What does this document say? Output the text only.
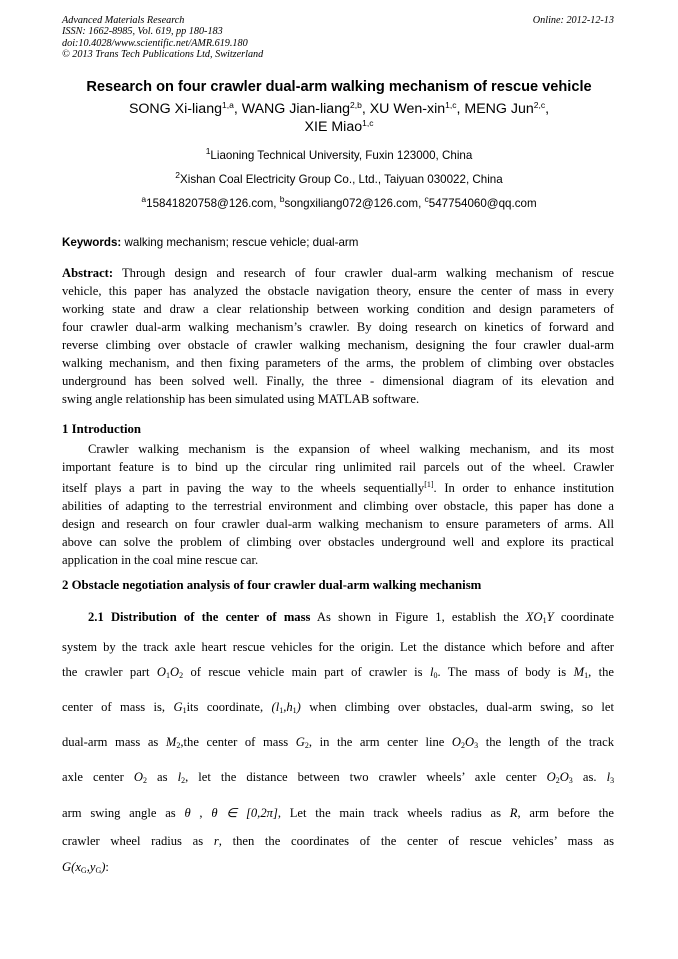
Advanced Materials Research
ISSN: 1662-8985, Vol. 619, pp 180-183
doi:10.4028/www.scientific.net/AMR.619.180
© 2013 Trans Tech Publications Ltd, Switzerland
Online: 2012-12-13
Research on four crawler dual-arm walking mechanism of rescue vehicle
SONG Xi-liang$^{1,a}$, WANG Jian-liang$^{2,b}$, XU Wen-xin$^{1,c}$, MENG Jun$^{2,c}$,
XIE Miao$^{1,c}$
$^1$Liaoning Technical University, Fuxin 123000, China
$^2$Xishan Coal Electricity Group Co., Ltd., Taiyuan 030022, China
$^a$15841820758@126.com, $^b$songxiliang072@126.com, $^c$547754060@qq.com
Keywords: walking mechanism; rescue vehicle; dual-arm
Abstract: Through design and research of four crawler dual-arm walking mechanism of rescue
vehicle, this paper has analyzed the obstacle navigation theory, ensure the center of mass in every
working state and draw a clear relationship between working condition and design parameters of
four crawler dual-arm walking mechanism’s crawler. By doing research on kinetics of forward and
reverse climbing over obstacle of crawler walking mechanism, designing the four crawler dual-arm
walking mechanism, and then fixing parameters of the arms, the problem of climbing over obstacles
underground has been solved well. Finally, the three - dimensional diagram of its elevation and
swing angle relationship has been simulated using MATLAB software.
1 Introduction
Crawler walking mechanism is the expansion of wheel walking mechanism, and its most
important feature is to bind up the circular ring unlimited rail parcels out of the wheel. Crawler
itself plays a part in paving the way to the wheels sequentially[1]. In order to enhance institution
abilities of adapting to the terrestrial environment and climbing over obstacle, this paper has done a
design and research on four crawler dual-arm walking mechanism to ensure parameters of arms. All
above can solve the problem of climbing over obstacles underground well and explore its practical
application in the coal mine rescue car.
2 Obstacle negotiation analysis of four crawler dual-arm walking mechanism
2.1 Distribution of the center of mass As shown in Figure 1, establish the $XO_1Y$ coordinate
system by the track axle heart rescue vehicles for the origin. Let the distance which before and after
the crawler part $O_1O_2$ of rescue vehicle main part of crawler is $l_0$. The mass of body is $M_1$, the
center of mass is, $G_1its$ coordinate, $(l_1,h_1)$ when climbing over obstacles, dual-arm swing, so let
dual-arm mass as $M_2,the$ center of mass $G_2$, in the arm center line $O_2O_3$ the length of the track
axle center $O_2$ as $l_2$, let the distance between two crawler wheels’ axle center $O_2O_3$ as. $l_3$
arm swing angle as θ , θ ∈ [0,2π], Let the main track wheels radius as R, arm before the
crawler wheel radius as r, then the coordinates of the center of rescue vehicles’ mass as
$G(x_G,y_G)$:
